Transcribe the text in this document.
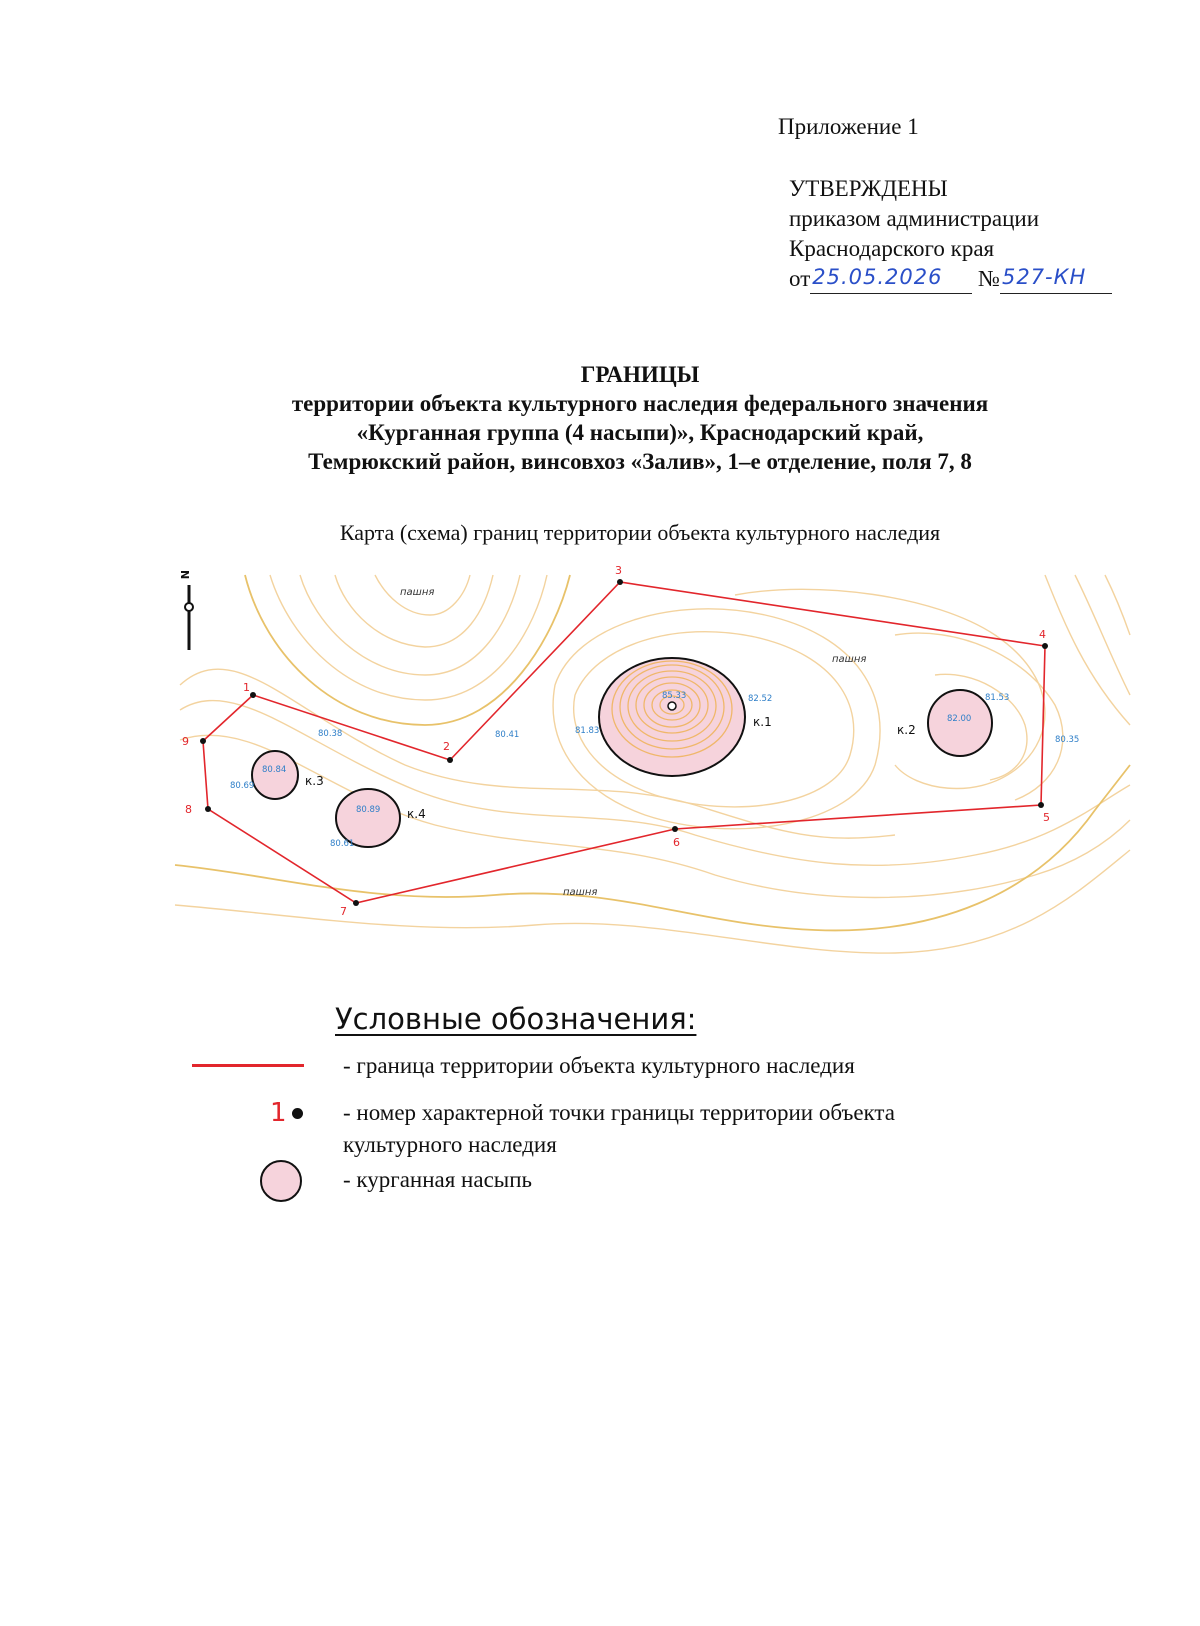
Приложение 1
УТВЕРЖДЕНЫ
приказом администрации
Краснодарского края
от 25.05.2026 № 527-КН
ГРАНИЦЫ
территории объекта культурного наследия федерального значения
«Курганная группа (4 насыпи)», Краснодарский край,
Темрюкский район, винсовхоз «Залив», 1–е отделение, поля 7, 8
Карта (схема) границ территории объекта культурного наследия
N
1
2
3
4
5
6
7
8
9
пашня
пашня
пашня
к.1
к.2
к.3
к.4
85.33
82.00
80.84
80.89
80.38	80.41	81.83
82.52	81.53
80.35
80.69
80.61
Условные обозначения:
- граница территории объекта культурного наследия
1 - номер характерной точки границы территории объекта
культурного наследия
- курганная насыпь
